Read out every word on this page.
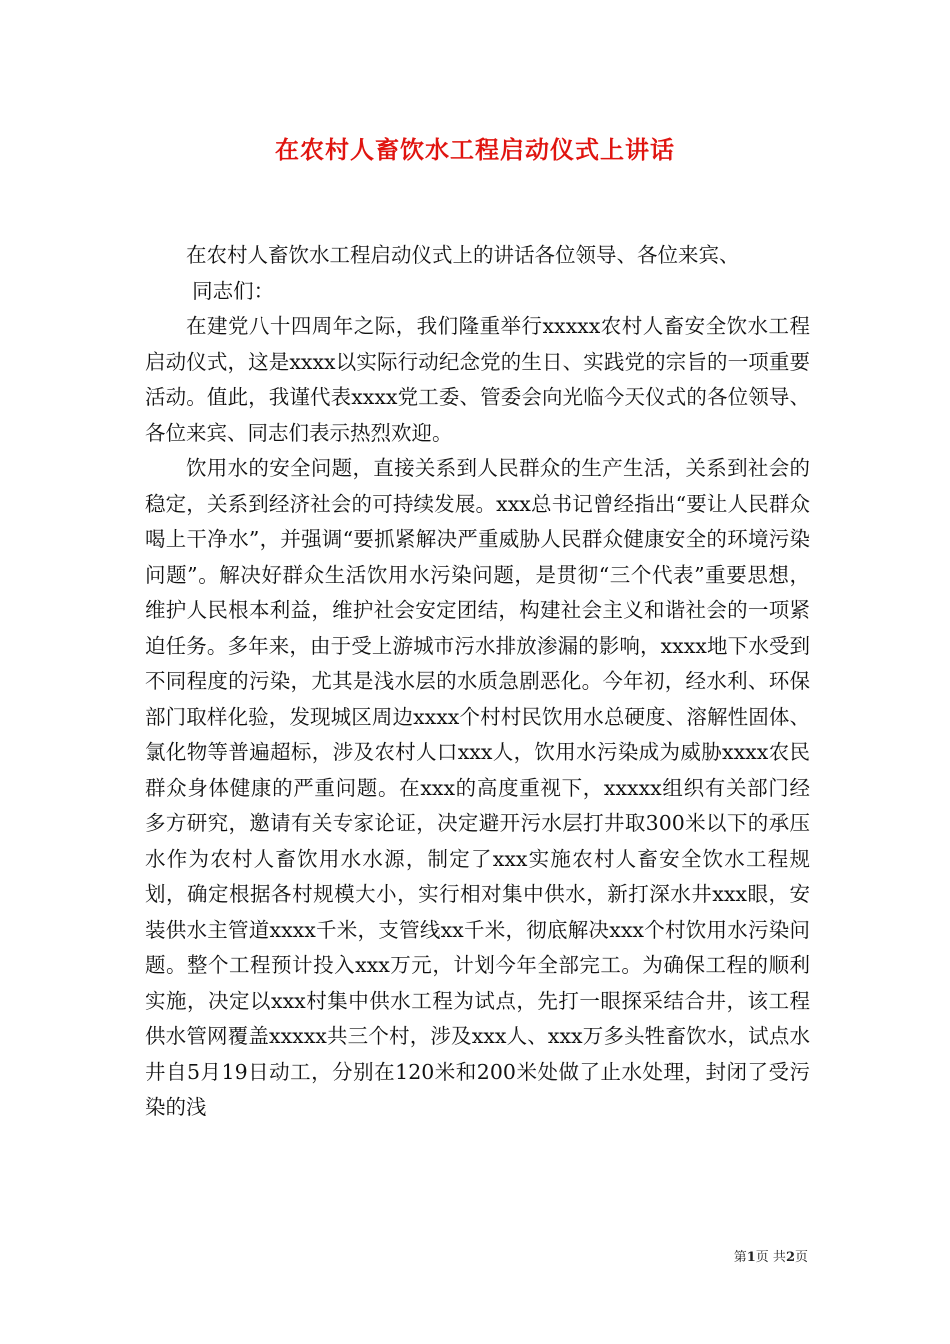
在农村人畜饮水工程启动仪式上讲话

在农村人畜饮水工程启动仪式上的讲话各位领导、各位来宾、

同志们：

在建党八十四周年之际，我们隆重举行xxxxx农村人畜安全饮水工程启动仪式，这是xxxx以实际行动纪念党的生日、实践党的宗旨的一项重要活动。值此，我谨代表xxxx党工委、管委会向光临今天仪式的各位领导、各位来宾、同志们表示热烈欢迎。

饮用水的安全问题，直接关系到人民群众的生产生活，关系到社会的稳定，关系到经济社会的可持续发展。xxx总书记曾经指出“要让人民群众喝上干净水”，并强调“要抓紧解决严重威胁人民群众健康安全的环境污染问题”。解决好群众生活饮用水污染问题，是贯彻“三个代表”重要思想，维护人民根本利益，维护社会安定团结，构建社会主义和谐社会的一项紧迫任务。多年来，由于受上游城市污水排放渗漏的影响，xxxx地下水受到不同程度的污染，尤其是浅水层的水质急剧恶化。今年初，经水利、环保部门取样化验，发现城区周边xxxx个村村民饮用水总硬度、溶解性固体、氯化物等普遍超标，涉及农村人口xxx人，饮用水污染成为威胁xxxx农民群众身体健康的严重问题。在xxx的高度重视下，xxxxx组织有关部门经多方研究，邀请有关专家论证，决定避开污水层打井取300米以下的承压水作为农村人畜饮用水水源，制定了xxx实施农村人畜安全饮水工程规划，确定根据各村规模大小，实行相对集中供水，新打深水井xxx眼，安装供水主管道xxxx千米，支管线xx千米，彻底解决xxx个村饮用水污染问题。整个工程预计投入xxx万元，计划今年全部完工。为确保工程的顺利实施，决定以xxx村集中供水工程为试点，先打一眼探采结合井，该工程供水管网覆盖xxxxx共三个村，涉及xxx人、xxx万多头牲畜饮水，试点水井自5月19日动工，分别在120米和200米处做了止水处理，封闭了受污染的浅

第1页 共2页
